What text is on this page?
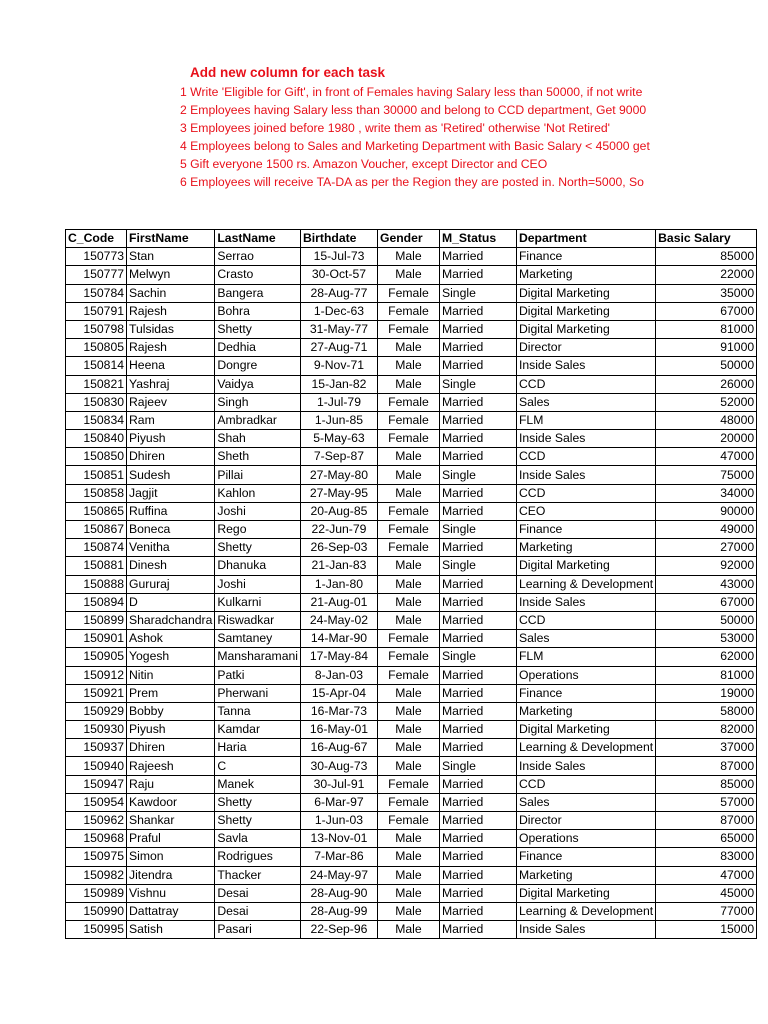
Add new column for each task
1 Write 'Eligible for Gift', in front of Females having Salary less than 50000, if not write
2 Employees having Salary less than 30000 and belong to CCD department, Get 9000
3 Employees joined before 1980 , write them as 'Retired' otherwise 'Not Retired'
4 Employees belong to Sales and Marketing Department with Basic Salary < 45000 get
5 Gift everyone 1500 rs. Amazon Voucher, except Director and CEO
6 Employees will receive TA-DA as per the Region they are posted in. North=5000, So
C_Code	FirstName	LastName	Birthdate	Gender	M_Status	Department	Basic Salary
150773	Stan	Serrao	15-Jul-73	Male	Married	Finance	85000
150777	Melwyn	Crasto	30-Oct-57	Male	Married	Marketing	22000
150784	Sachin	Bangera	28-Aug-77	Female	Single	Digital Marketing	35000
150791	Rajesh	Bohra	1-Dec-63	Female	Married	Digital Marketing	67000
150798	Tulsidas	Shetty	31-May-77	Female	Married	Digital Marketing	81000
150805	Rajesh	Dedhia	27-Aug-71	Male	Married	Director	91000
150814	Heena	Dongre	9-Nov-71	Male	Married	Inside Sales	50000
150821	Yashraj	Vaidya	15-Jan-82	Male	Single	CCD	26000
150830	Rajeev	Singh	1-Jul-79	Female	Married	Sales	52000
150834	Ram	Ambradkar	1-Jun-85	Female	Married	FLM	48000
150840	Piyush	Shah	5-May-63	Female	Married	Inside Sales	20000
150850	Dhiren	Sheth	7-Sep-87	Male	Married	CCD	47000
150851	Sudesh	Pillai	27-May-80	Male	Single	Inside Sales	75000
150858	Jagjit	Kahlon	27-May-95	Male	Married	CCD	34000
150865	Ruffina	Joshi	20-Aug-85	Female	Married	CEO	90000
150867	Boneca	Rego	22-Jun-79	Female	Single	Finance	49000
150874	Venitha	Shetty	26-Sep-03	Female	Married	Marketing	27000
150881	Dinesh	Dhanuka	21-Jan-83	Male	Single	Digital Marketing	92000
150888	Gururaj	Joshi	1-Jan-80	Male	Married	Learning & Development	43000
150894	D	Kulkarni	21-Aug-01	Male	Married	Inside Sales	67000
150899	Sharadchandra	Riswadkar	24-May-02	Male	Married	CCD	50000
150901	Ashok	Samtaney	14-Mar-90	Female	Married	Sales	53000
150905	Yogesh	Mansharamani	17-May-84	Female	Single	FLM	62000
150912	Nitin	Patki	8-Jan-03	Female	Married	Operations	81000
150921	Prem	Pherwani	15-Apr-04	Male	Married	Finance	19000
150929	Bobby	Tanna	16-Mar-73	Male	Married	Marketing	58000
150930	Piyush	Kamdar	16-May-01	Male	Married	Digital Marketing	82000
150937	Dhiren	Haria	16-Aug-67	Male	Married	Learning & Development	37000
150940	Rajeesh	C	30-Aug-73	Male	Single	Inside Sales	87000
150947	Raju	Manek	30-Jul-91	Female	Married	CCD	85000
150954	Kawdoor	Shetty	6-Mar-97	Female	Married	Sales	57000
150962	Shankar	Shetty	1-Jun-03	Female	Married	Director	87000
150968	Praful	Savla	13-Nov-01	Male	Married	Operations	65000
150975	Simon	Rodrigues	7-Mar-86	Male	Married	Finance	83000
150982	Jitendra	Thacker	24-May-97	Male	Married	Marketing	47000
150989	Vishnu	Desai	28-Aug-90	Male	Married	Digital Marketing	45000
150990	Dattatray	Desai	28-Aug-99	Male	Married	Learning & Development	77000
150995	Satish	Pasari	22-Sep-96	Male	Married	Inside Sales	15000
